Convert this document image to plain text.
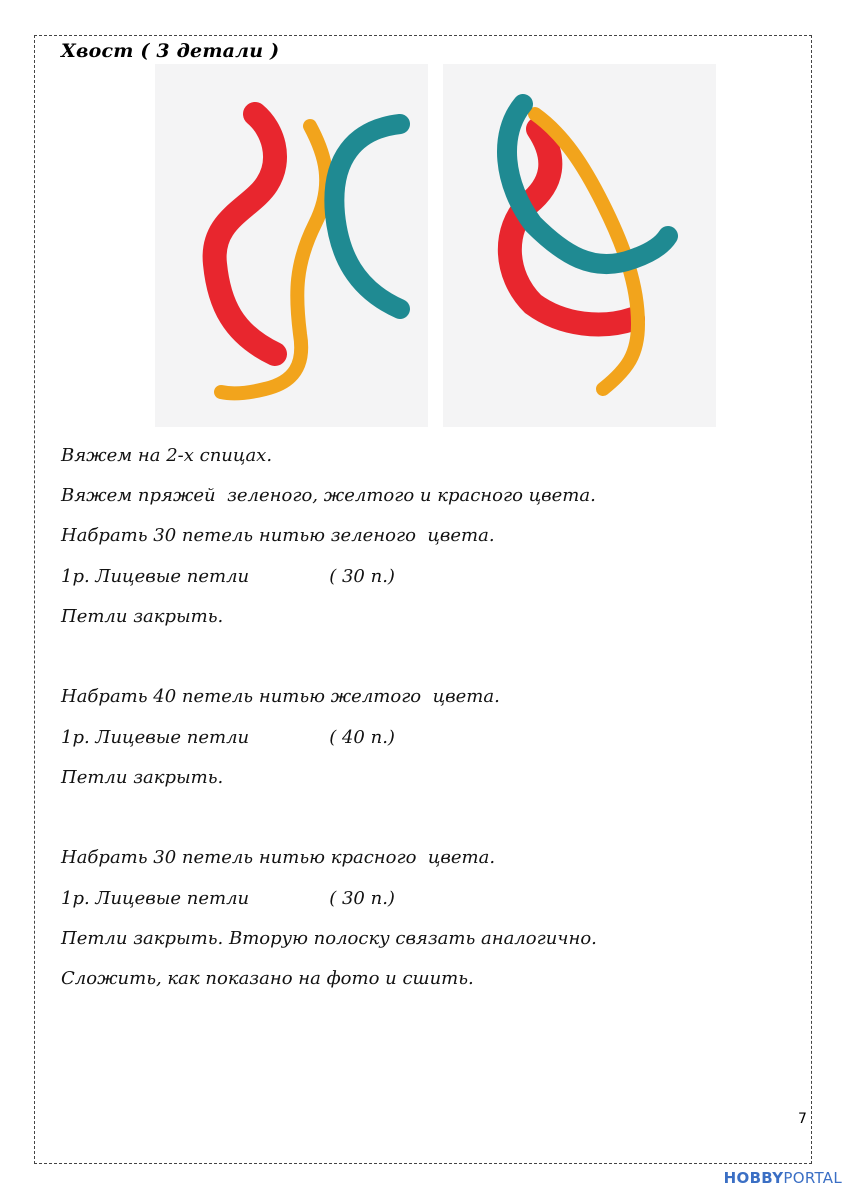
Хвост ( 3 детали )
Вяжем на 2-х спицах.
Вяжем пряжей  зеленого, желтого и красного цвета.
Набрать 30 петель нитью зеленого  цвета.
1р. Лицевые петли              ( 30 п.)
Петли закрыть.
Набрать 40 петель нитью желтого  цвета.
1р. Лицевые петли              ( 40 п.)
Петли закрыть.
Набрать 30 петель нитью красного  цвета.
1р. Лицевые петли              ( 30 п.)
Петли закрыть. Вторую полоску связать аналогично.
Сложить, как показано на фото и сшить.
7
HOBBYPORTAL
